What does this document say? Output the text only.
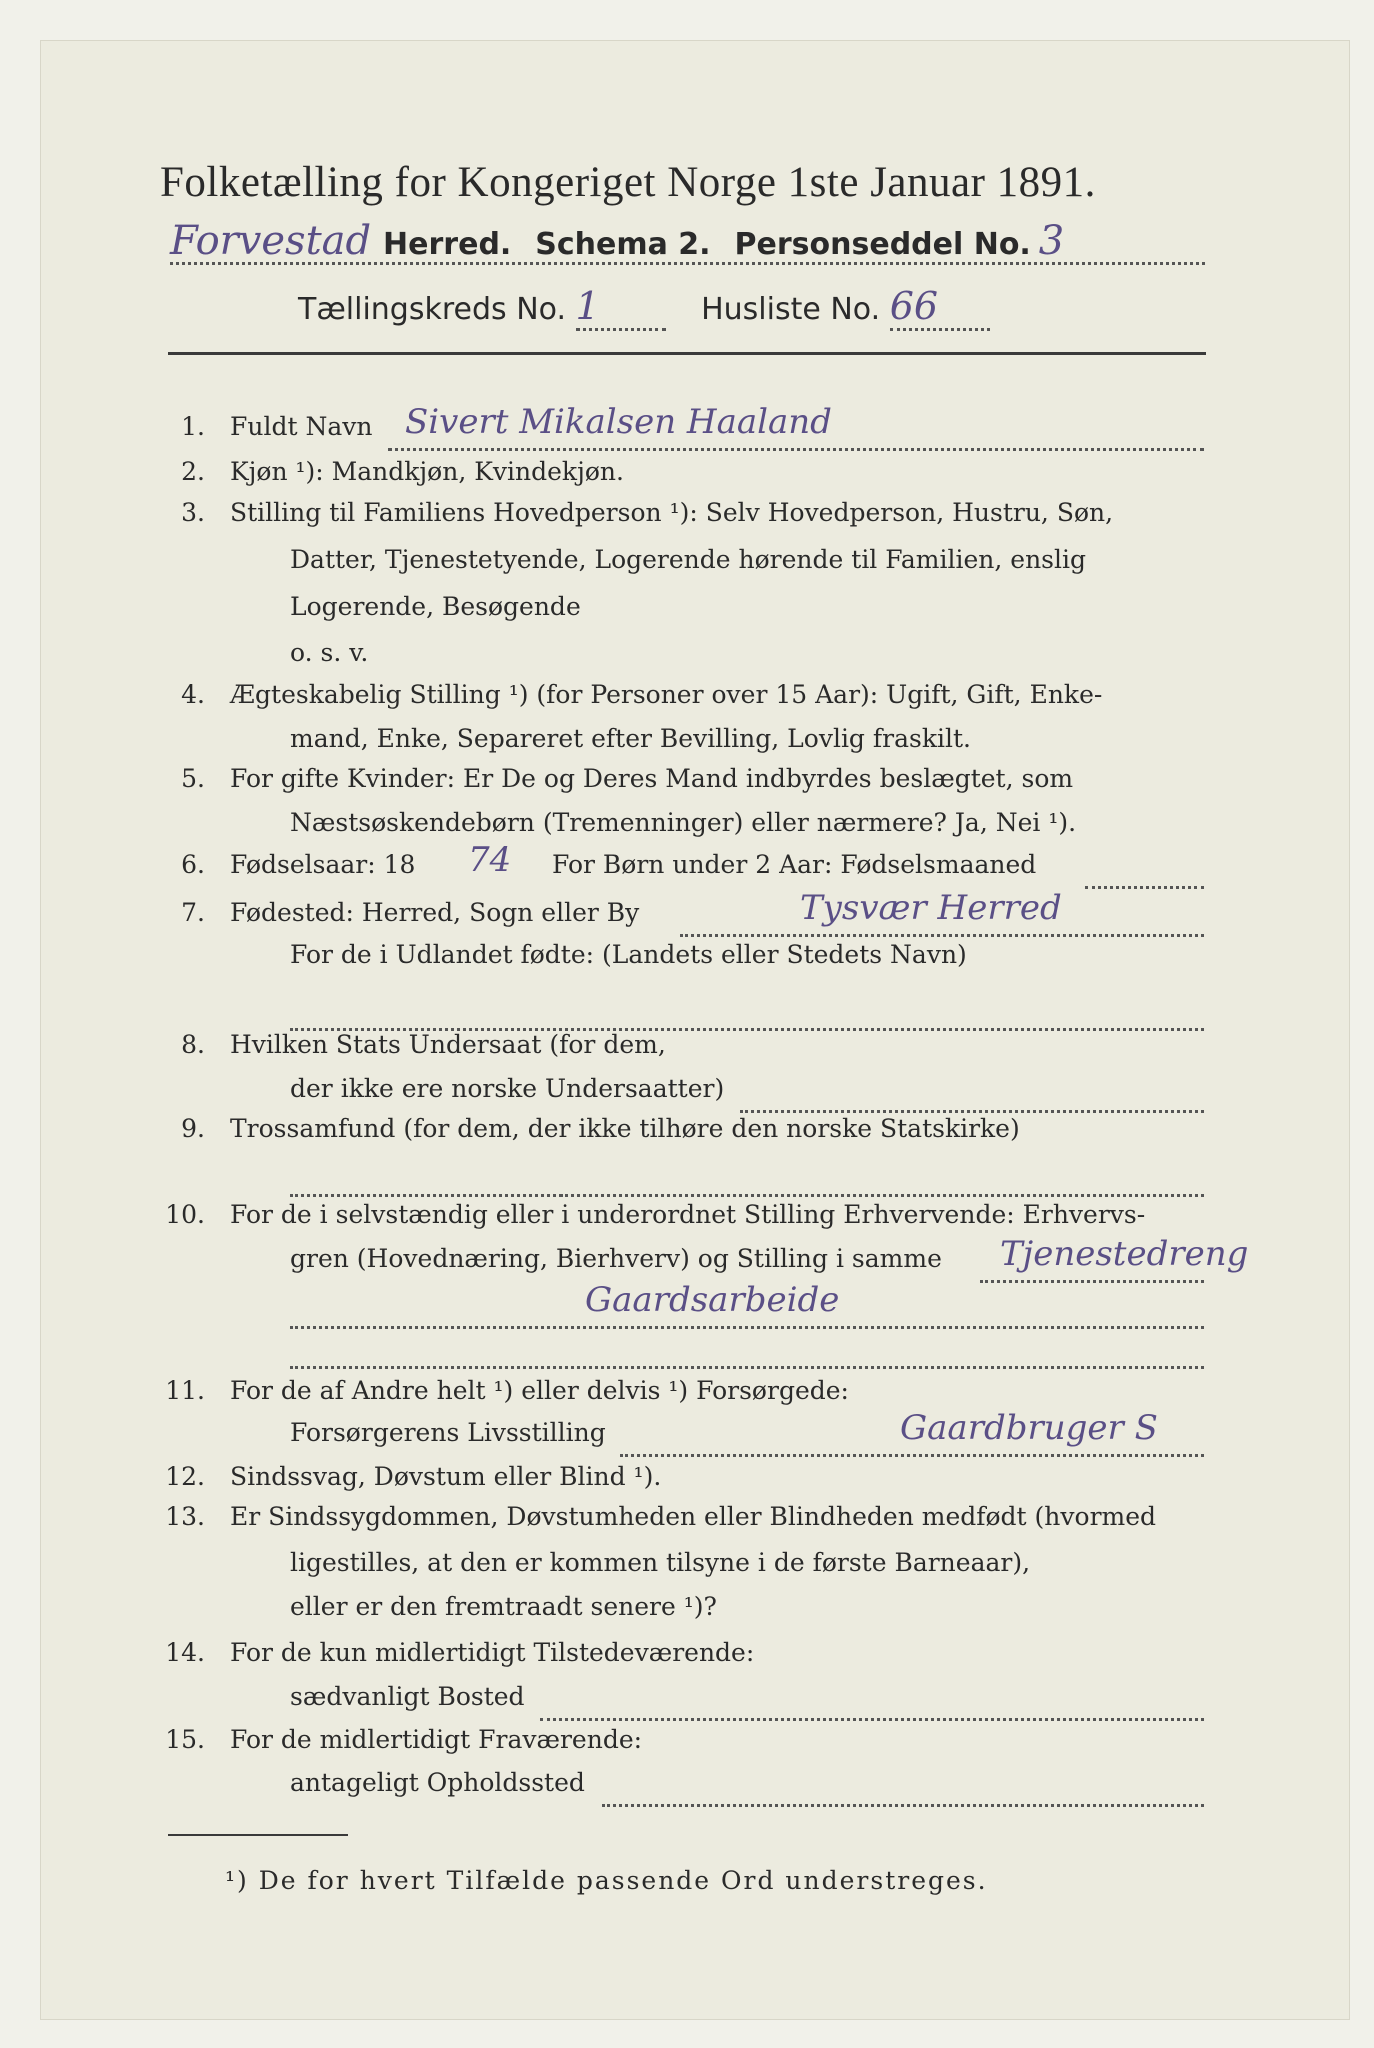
Folketælling for Kongeriget Norge 1ste Januar 1891.
Forvestad Herred. Schema 2. Personseddel No. 3
Tællingskreds No. 1	Husliste No. 66
1. Fuldt Navn Sivert Mikalsen Haaland
2. Kjøn ¹): Mandkjøn, Kvindekjøn.
3. Stilling til Familiens Hovedperson ¹): Selv Hovedperson, Hustru, Søn,
Datter, Tjenestetyende, Logerende hørende til Familien, enslig
Logerende, Besøgende
o. s. v.
4. Ægteskabelig Stilling ¹) (for Personer over 15 Aar): Ugift, Gift, Enke-
mand, Enke, Separeret efter Bevilling, Lovlig fraskilt.
5. For gifte Kvinder: Er De og Deres Mand indbyrdes beslægtet, som
Næstsøskendebørn (Tremenninger) eller nærmere? Ja, Nei ¹).
6. Fødselsaar: 18	For Børn under 2 Aar: Fødselsmaaned
74
7. Fødested: Herred, Sogn eller By	Tysvær Herred
For de i Udlandet fødte: (Landets eller Stedets Navn)
8. Hvilken Stats Undersaat (for dem,
der ikke ere norske Undersaatter)
9. Trossamfund (for dem, der ikke tilhøre den norske Statskirke)
10. For de i selvstændig eller i underordnet Stilling Erhvervende: Erhvervs-
gren (Hovednæring, Bierhverv) og Stilling i samme Tjenestedreng
Gaardsarbeide
11. For de af Andre helt ¹) eller delvis ¹) Forsørgede:
Forsørgerens Livsstilling	Gaardbruger S
12. Sindssvag, Døvstum eller Blind ¹).
13. Er Sindssygdommen, Døvstumheden eller Blindheden medfødt (hvormed
ligestilles, at den er kommen tilsyne i de første Barneaar),
eller er den fremtraadt senere ¹)?
14. For de kun midlertidigt Tilstedeværende:
sædvanligt Bosted
15. For de midlertidigt Fraværende:
antageligt Opholdssted
¹) De for hvert Tilfælde passende Ord understreges.
